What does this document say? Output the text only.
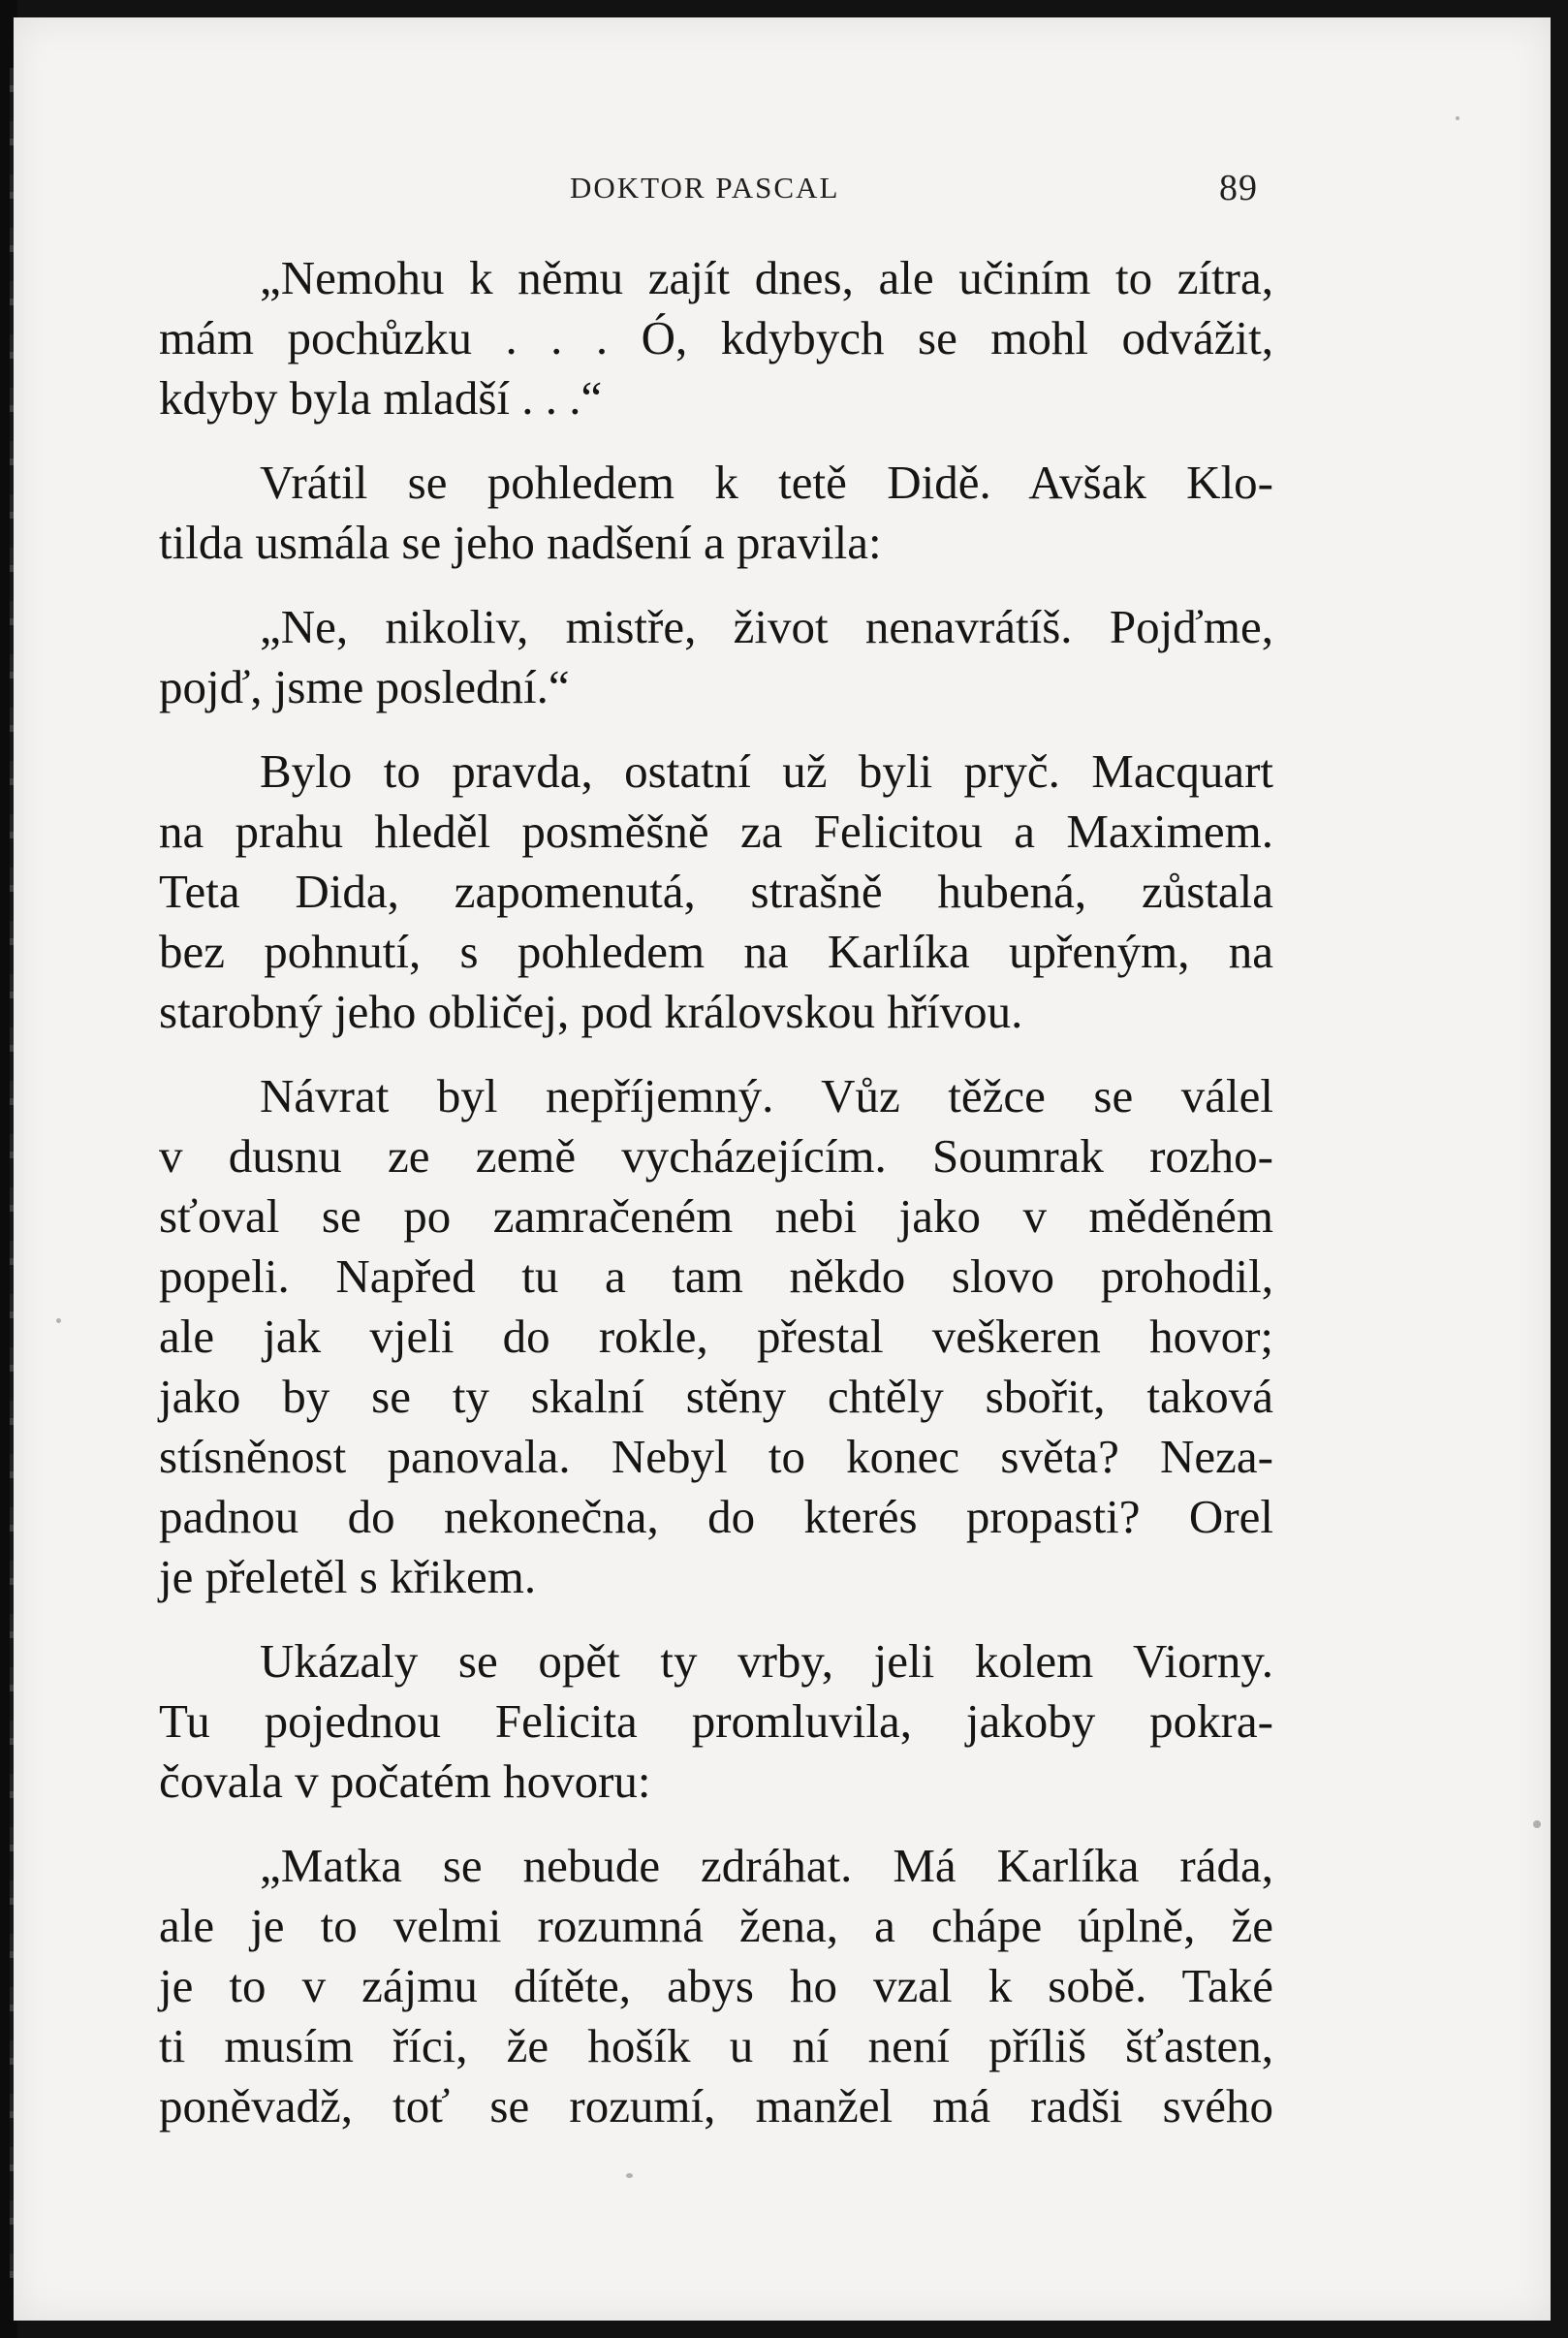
DOKTOR PASCAL	89
„Nemohu k němu zajít dnes, ale učiním to zítra,
mám pochůzku . . . Ó, kdybych se mohl odvážit,
kdyby byla mladší . . .“
Vrátil se pohledem k tetě Didě. Avšak Klo-
tilda usmála se jeho nadšení a pravila:
„Ne, nikoliv, mistře, život nenavrátíš. Pojďme,
pojď, jsme poslední.“
Bylo to pravda, ostatní už byli pryč. Macquart
na prahu hleděl posměšně za Felicitou a Maximem.
Teta Dida, zapomenutá, strašně hubená, zůstala
bez pohnutí, s pohledem na Karlíka upřeným, na
starobný jeho obličej, pod královskou hřívou.
Návrat byl nepříjemný. Vůz těžce se válel
v dusnu ze země vycházejícím. Soumrak rozho-
sťoval se po zamračeném nebi jako v měděném
popeli. Napřed tu a tam někdo slovo prohodil,
ale jak vjeli do rokle, přestal veškeren hovor;
jako by se ty skalní stěny chtěly sbořit, taková
stísněnost panovala. Nebyl to konec světa? Neza-
padnou do nekonečna, do kterés propasti? Orel
je přeletěl s křikem.
Ukázaly se opět ty vrby, jeli kolem Viorny.
Tu pojednou Felicita promluvila, jakoby pokra-
čovala v počatém hovoru:
„Matka se nebude zdráhat. Má Karlíka ráda,
ale je to velmi rozumná žena, a chápe úplně, že
je to v zájmu dítěte, abys ho vzal k sobě. Také
ti musím říci, že hošík u ní není příliš šťasten,
poněvadž, toť se rozumí, manžel má radši svého
